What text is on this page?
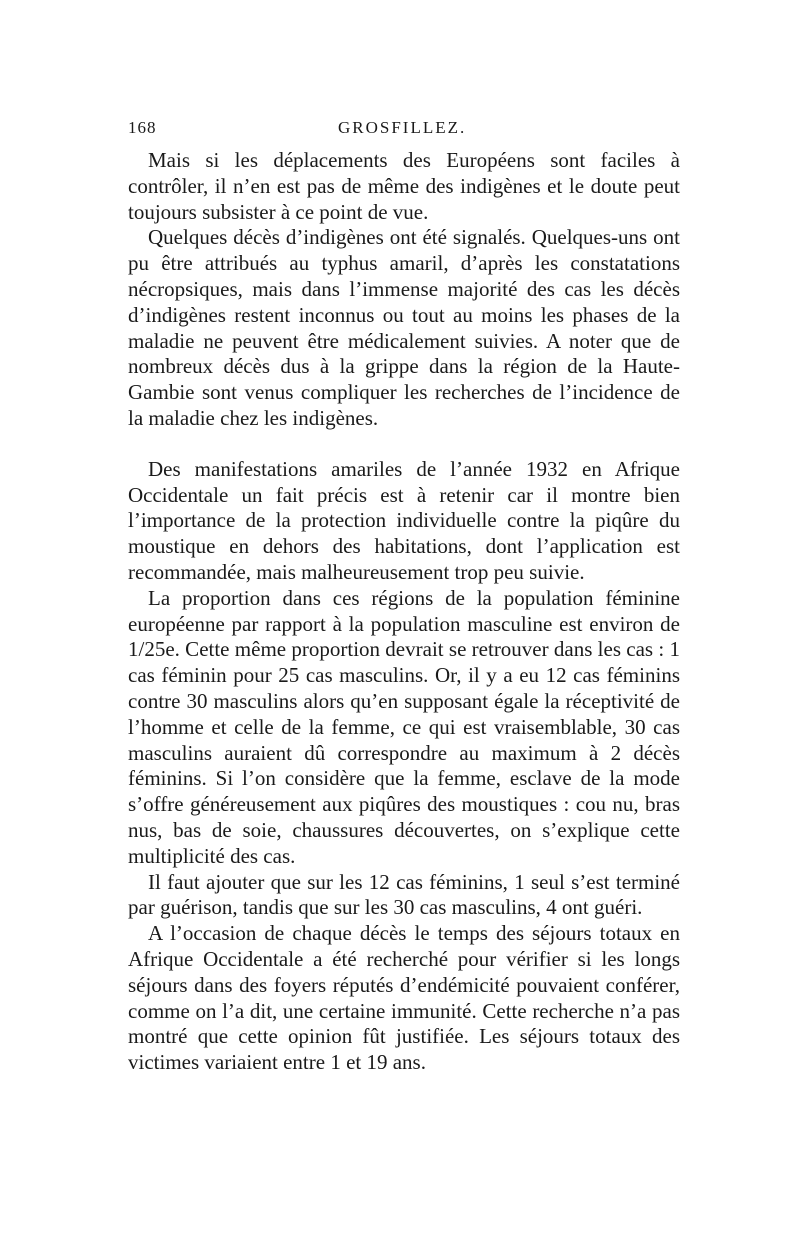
168	GROSFILLEZ.

Mais si les déplacements des Européens sont faciles à contrôler, il n’en est pas de même des indigènes et le doute peut toujours subsister à ce point de vue.

Quelques décès d’indigènes ont été signalés. Quelques-uns ont pu être attribués au typhus amaril, d’après les constatations nécropsiques, mais dans l’immense majorité des cas les décès d’indigènes restent inconnus ou tout au moins les phases de la maladie ne peuvent être médicalement suivies. A noter que de nombreux décès dus à la grippe dans la région de la Haute-Gambie sont venus compliquer les recherches de l’incidence de la maladie chez les indigènes.

Des manifestations amariles de l’année 1932 en Afrique Occidentale un fait précis est à retenir car il montre bien l’importance de la protection individuelle contre la piqûre du moustique en dehors des habitations, dont l’application est recommandée, mais malheureusement trop peu suivie.

La proportion dans ces régions de la population féminine européenne par rapport à la population masculine est environ de 1/25e. Cette même proportion devrait se retrouver dans les cas : 1 cas féminin pour 25 cas masculins. Or, il y a eu 12 cas féminins contre 30 masculins alors qu’en supposant égale la réceptivité de l’homme et celle de la femme, ce qui est vraisemblable, 30 cas masculins auraient dû correspondre au maximum à 2 décès féminins. Si l’on considère que la femme, esclave de la mode s’offre généreusement aux piqûres des moustiques : cou nu, bras nus, bas de soie, chaussures découvertes, on s’explique cette multiplicité des cas.

Il faut ajouter que sur les 12 cas féminins, 1 seul s’est terminé par guérison, tandis que sur les 30 cas masculins, 4 ont guéri.

A l’occasion de chaque décès le temps des séjours totaux en Afrique Occidentale a été recherché pour vérifier si les longs séjours dans des foyers réputés d’endémicité pouvaient conférer, comme on l’a dit, une certaine immunité. Cette recherche n’a pas montré que cette opinion fût justifiée. Les séjours totaux des victimes variaient entre 1 et 19 ans.
